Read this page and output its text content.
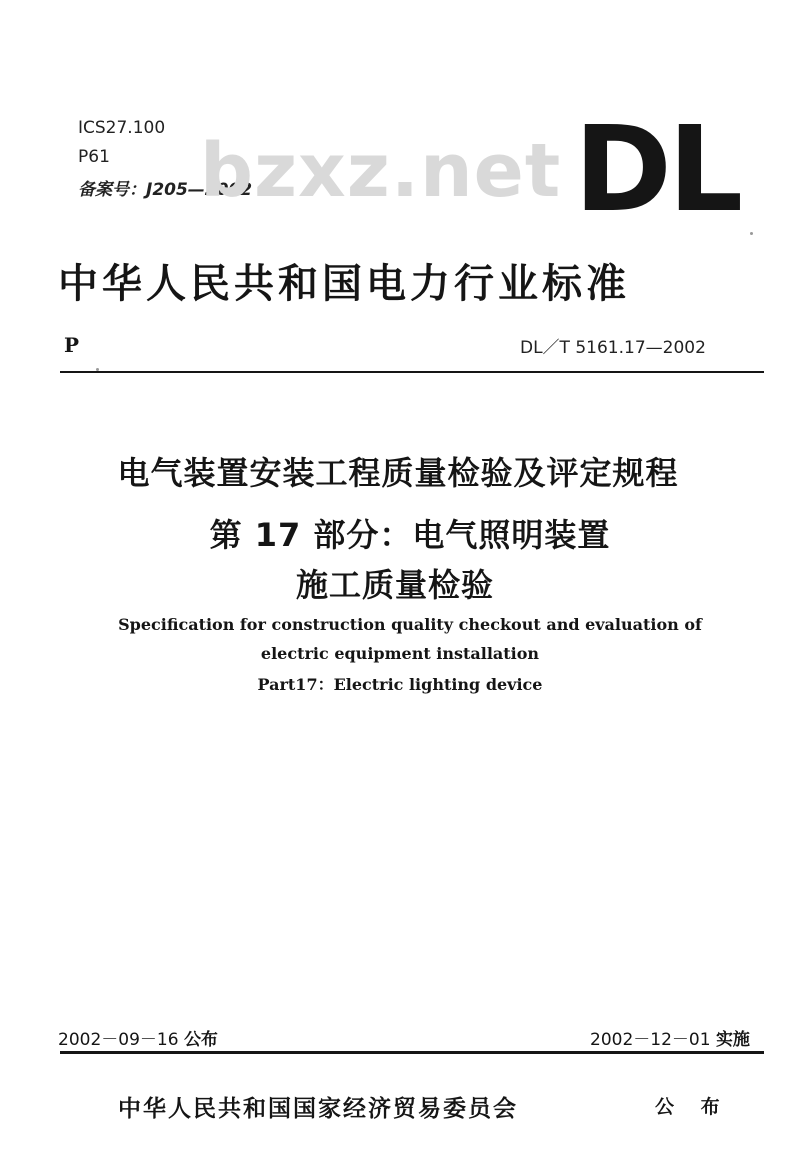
ICS27.100
P61
备案号：J205—2002
bzxz.net DL
中华人民共和国电力行业标准
P	DL／T 5161.17—2002
电气装置安装工程质量检验及评定规程
第 17 部分：电气照明装置
施工质量检验
Specification for construction quality checkout and evaluation of
electric equipment installation
Part17：Electric lighting device
2002－09－16 公布	2002－12－01 实施
中华人民共和国国家经济贸易委员会	公 布
